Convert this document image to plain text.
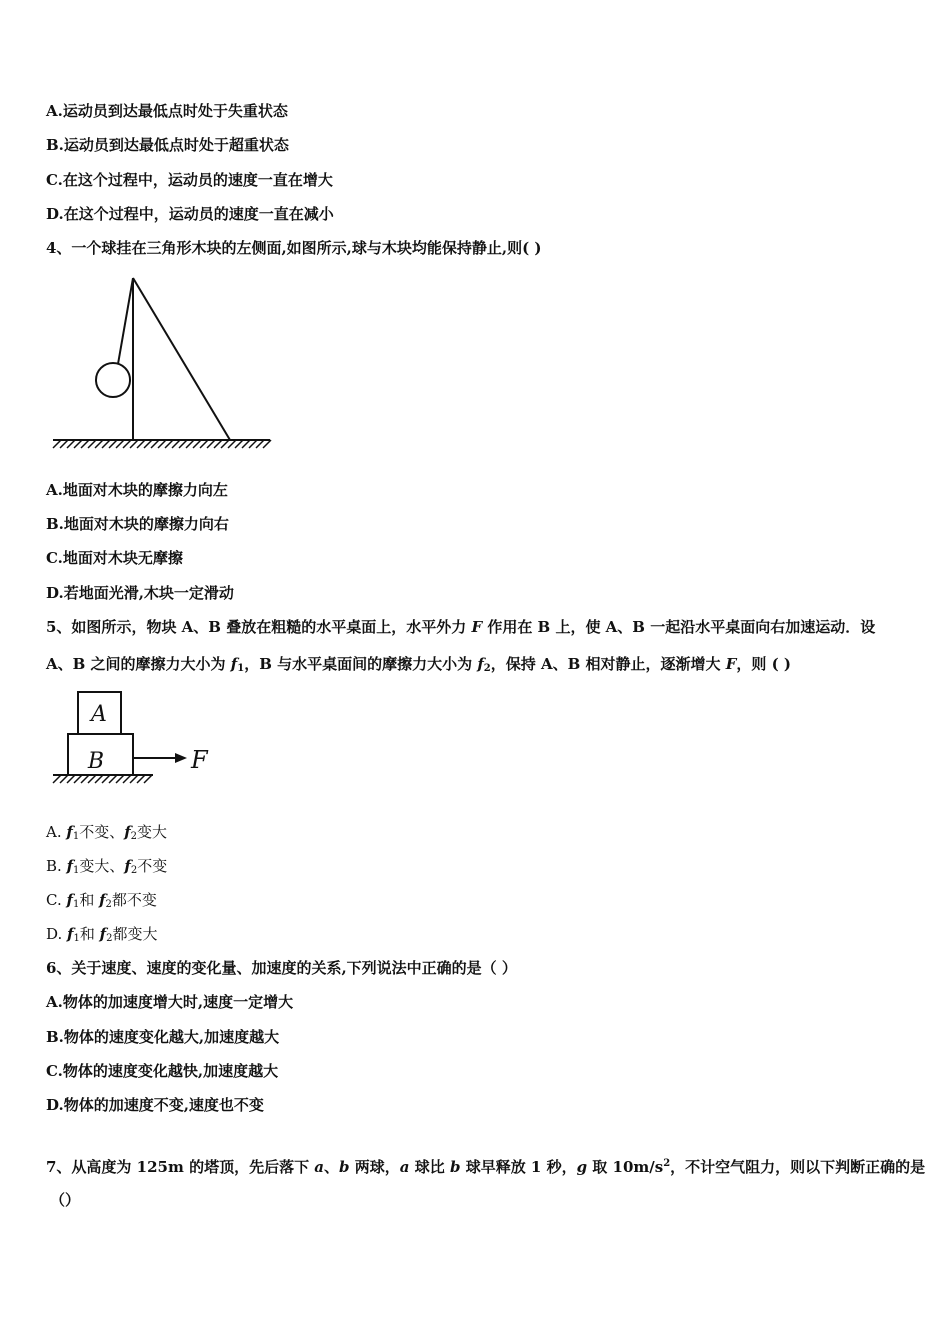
A.运动员到达最低点时处于失重状态
B.运动员到达最低点时处于超重状态
C.在这个过程中，运动员的速度一直在增大
D.在这个过程中，运动员的速度一直在减小
4、一个球挂在三角形木块的左侧面,如图所示,球与木块均能保持静止,则( )
A.地面对木块的摩擦力向左
B.地面对木块的摩擦力向右
C.地面对木块无摩擦
D.若地面光滑,木块一定滑动
5、如图所示，物块 A、B 叠放在粗糙的水平桌面上，水平外力 F 作用在 B 上，使 A、B 一起沿水平桌面向右加速运动．设
A、B 之间的摩擦力大小为 $f_1$，B 与水平桌面间的摩擦力大小为 $f_2$，保持 A、B 相对静止，逐渐增大 F，则 ( )
A
B	F
A. $f_1$不变、$f_2$变大
B. $f_1$变大、$f_2$不变
C. $f_1$和 $f_2$都不变
D. $f_1$和 $f_2$都变大
6、关于速度、速度的变化量、加速度的关系,下列说法中正确的是（ ）
A.物体的加速度增大时,速度一定增大
B.物体的速度变化越大,加速度越大
C.物体的速度变化越快,加速度越大
D.物体的加速度不变,速度也不变
7、从高度为 125m 的塔顶，先后落下 a、b 两球，a 球比 b 球早释放 1 秒，g 取 $10m/s^2$，不计空气阻力，则以下判断正确的是
（）
